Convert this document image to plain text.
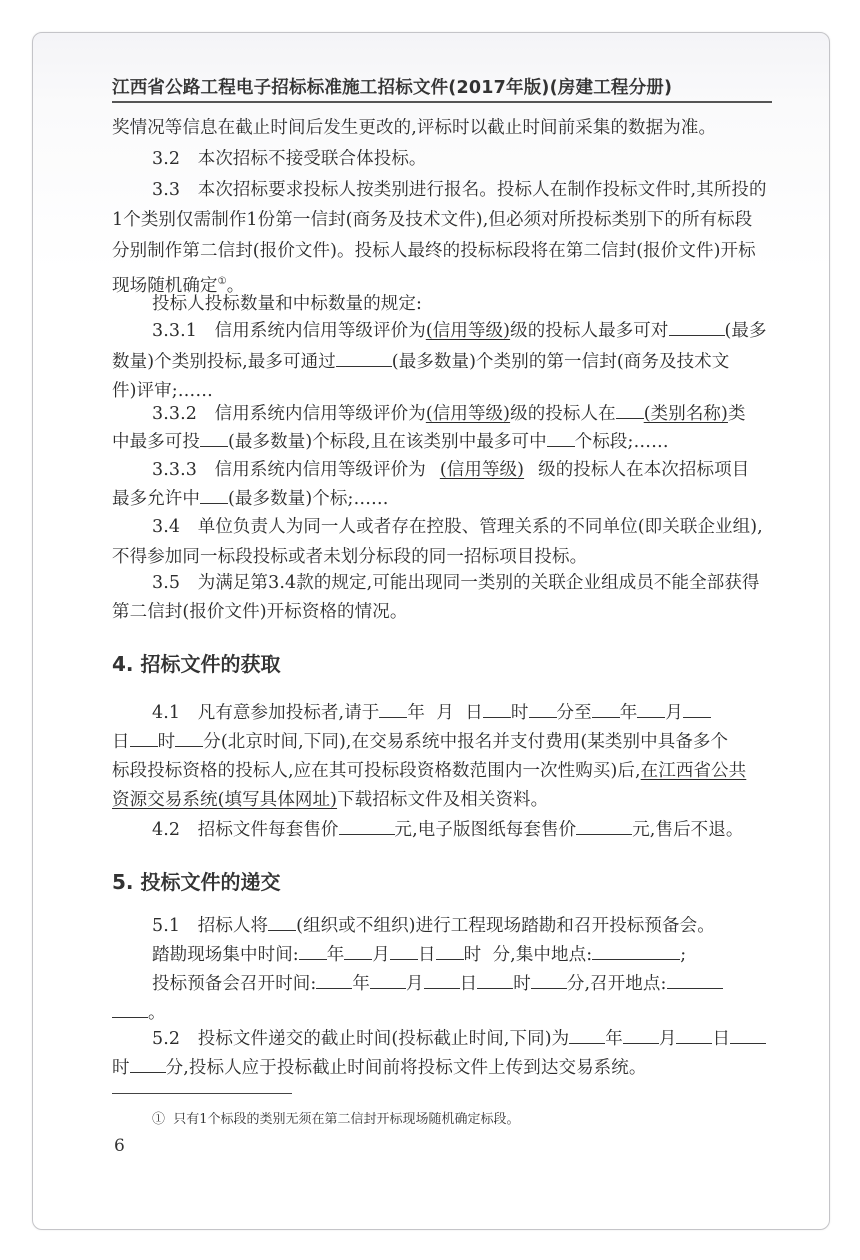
江西省公路工程电子招标标准施工招标文件(2017年版)(房建工程分册)
奖情况等信息在截止时间后发生更改的,评标时以截止时间前采集的数据为准。
3.2　本次招标不接受联合体投标。
3.3　本次招标要求投标人按类别进行报名。投标人在制作投标文件时,其所投的
1个类别仅需制作1份第一信封(商务及技术文件),但必须对所投标类别下的所有标段
分别制作第二信封(报价文件)。投标人最终的投标标段将在第二信封(报价文件)开标
现场随机确定①。
投标人投标数量和中标数量的规定:
3.3.1　信用系统内信用等级评价为(信用等级)级的投标人最多可对	(最多
数量)个类别投标,最多可通过	(最多数量)个类别的第一信封(商务及技术文
件)评审;……
3.3.2　信用系统内信用等级评价为(信用等级)级的投标人在 (类别名称)类
中最多可投 (最多数量)个标段,且在该类别中最多可中 个标段;……
3.3.3　信用系统内信用等级评价为 (信用等级) 级的投标人在本次招标项目
最多允许中 (最多数量)个标;……
3.4　单位负责人为同一人或者存在控股、管理关系的不同单位(即关联企业组),
不得参加同一标段投标或者未划分标段的同一招标项目投标。
3.5　为满足第3.4款的规定,可能出现同一类别的关联企业组成员不能全部获得
第二信封(报价文件)开标资格的情况。
4. 招标文件的获取
4.1　凡有意参加投标者,请于 年 月 日 时 分至 年 月
日 时 分(北京时间,下同),在交易系统中报名并支付费用(某类别中具备多个
标段投标资格的投标人,应在其可投标段资格数范围内一次性购买)后,在江西省公共
资源交易系统(填写具体网址)下载招标文件及相关资料。
4.2　招标文件每套售价	元,电子版图纸每套售价	元,售后不退。
5. 投标文件的递交
5.1　招标人将 (组织或不组织)进行工程现场踏勘和召开投标预备会。
踏勘现场集中时间: 年 月 日 时 分,集中地点:	;
投标预备会召开时间: 年 月 日 时 分,召开地点:
。
5.2　投标文件递交的截止时间(投标截止时间,下同)为 年 月 日
时 分,投标人应于投标截止时间前将投标文件上传到达交易系统。
① 只有1个标段的类别无须在第二信封开标现场随机确定标段。
6
